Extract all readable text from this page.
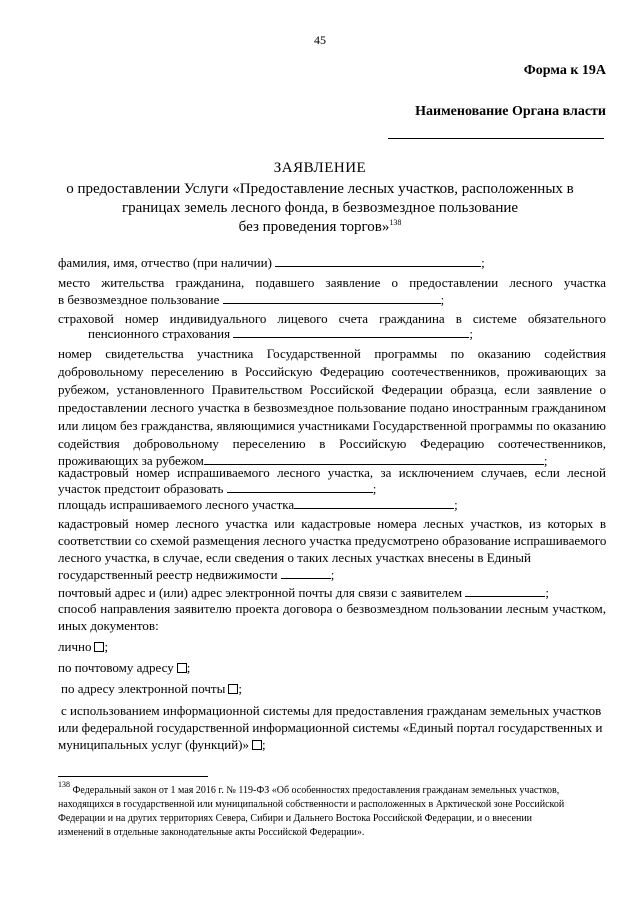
45
Форма к 19А
Наименование Органа власти
ЗАЯВЛЕНИЕ
о предоставлении Услуги «Предоставление лесных участков, расположенных в
границах земель лесного фонда, в безвозмездное пользование
без проведения торгов»$^{138}$
фамилия, имя, отчество (при наличии)	;
место жительства гражданина, подавшего заявление о предоставлении лесного участка
в безвозмездное пользование	;
страховой номер индивидуального лицевого счета гражданина в системе обязательного
пенсионного страхования	;
номер свидетельства участника Государственной программы по оказанию содействия
добровольному переселению в Российскую Федерацию соотечественников, проживающих за
рубежом, установленного Правительством Российской Федерации образца, если заявление о
предоставлении лесного участка в безвозмездное пользование подано иностранным гражданином
или лицом без гражданства, являющимися участниками Государственной программы по оказанию
содействия добровольному переселению в Российскую Федерацию соотечественников,
проживающих за рубежом	;
кадастровый номер испрашиваемого лесного участка, за исключением случаев, если лесной
участок предстоит образовать	;
площадь испрашиваемого лесного участка	;
кадастровый номер лесного участка или кадастровые номера лесных участков, из которых в
соответствии со схемой размещения лесного участка предусмотрено образование испрашиваемого
лесного участка, в случае, если сведения о таких лесных участках внесены в Единый
государственный реестр недвижимости	;
почтовый адрес и (или) адрес электронной почты для связи с заявителем	;
способ направления заявителю проекта договора о безвозмездном пользовании лесным участком,
иных документов:
лично ;
по почтовому адресу ;
по адресу электронной почты ;
с использованием информационной системы для предоставления гражданам земельных участков
или федеральной государственной информационной системы «Единый портал государственных и
муниципальных услуг (функций)» ;
$^{138}$ Федеральный закон от 1 мая 2016 г. № 119-ФЗ «Об особенностях предоставления гражданам земельных участков,
находящихся в государственной или муниципальной собственности и расположенных в Арктической зоне Российской
Федерации и на других территориях Севера, Сибири и Дальнего Востока Российской Федерации, и о внесении
изменений в отдельные законодательные акты Российской Федерации».
